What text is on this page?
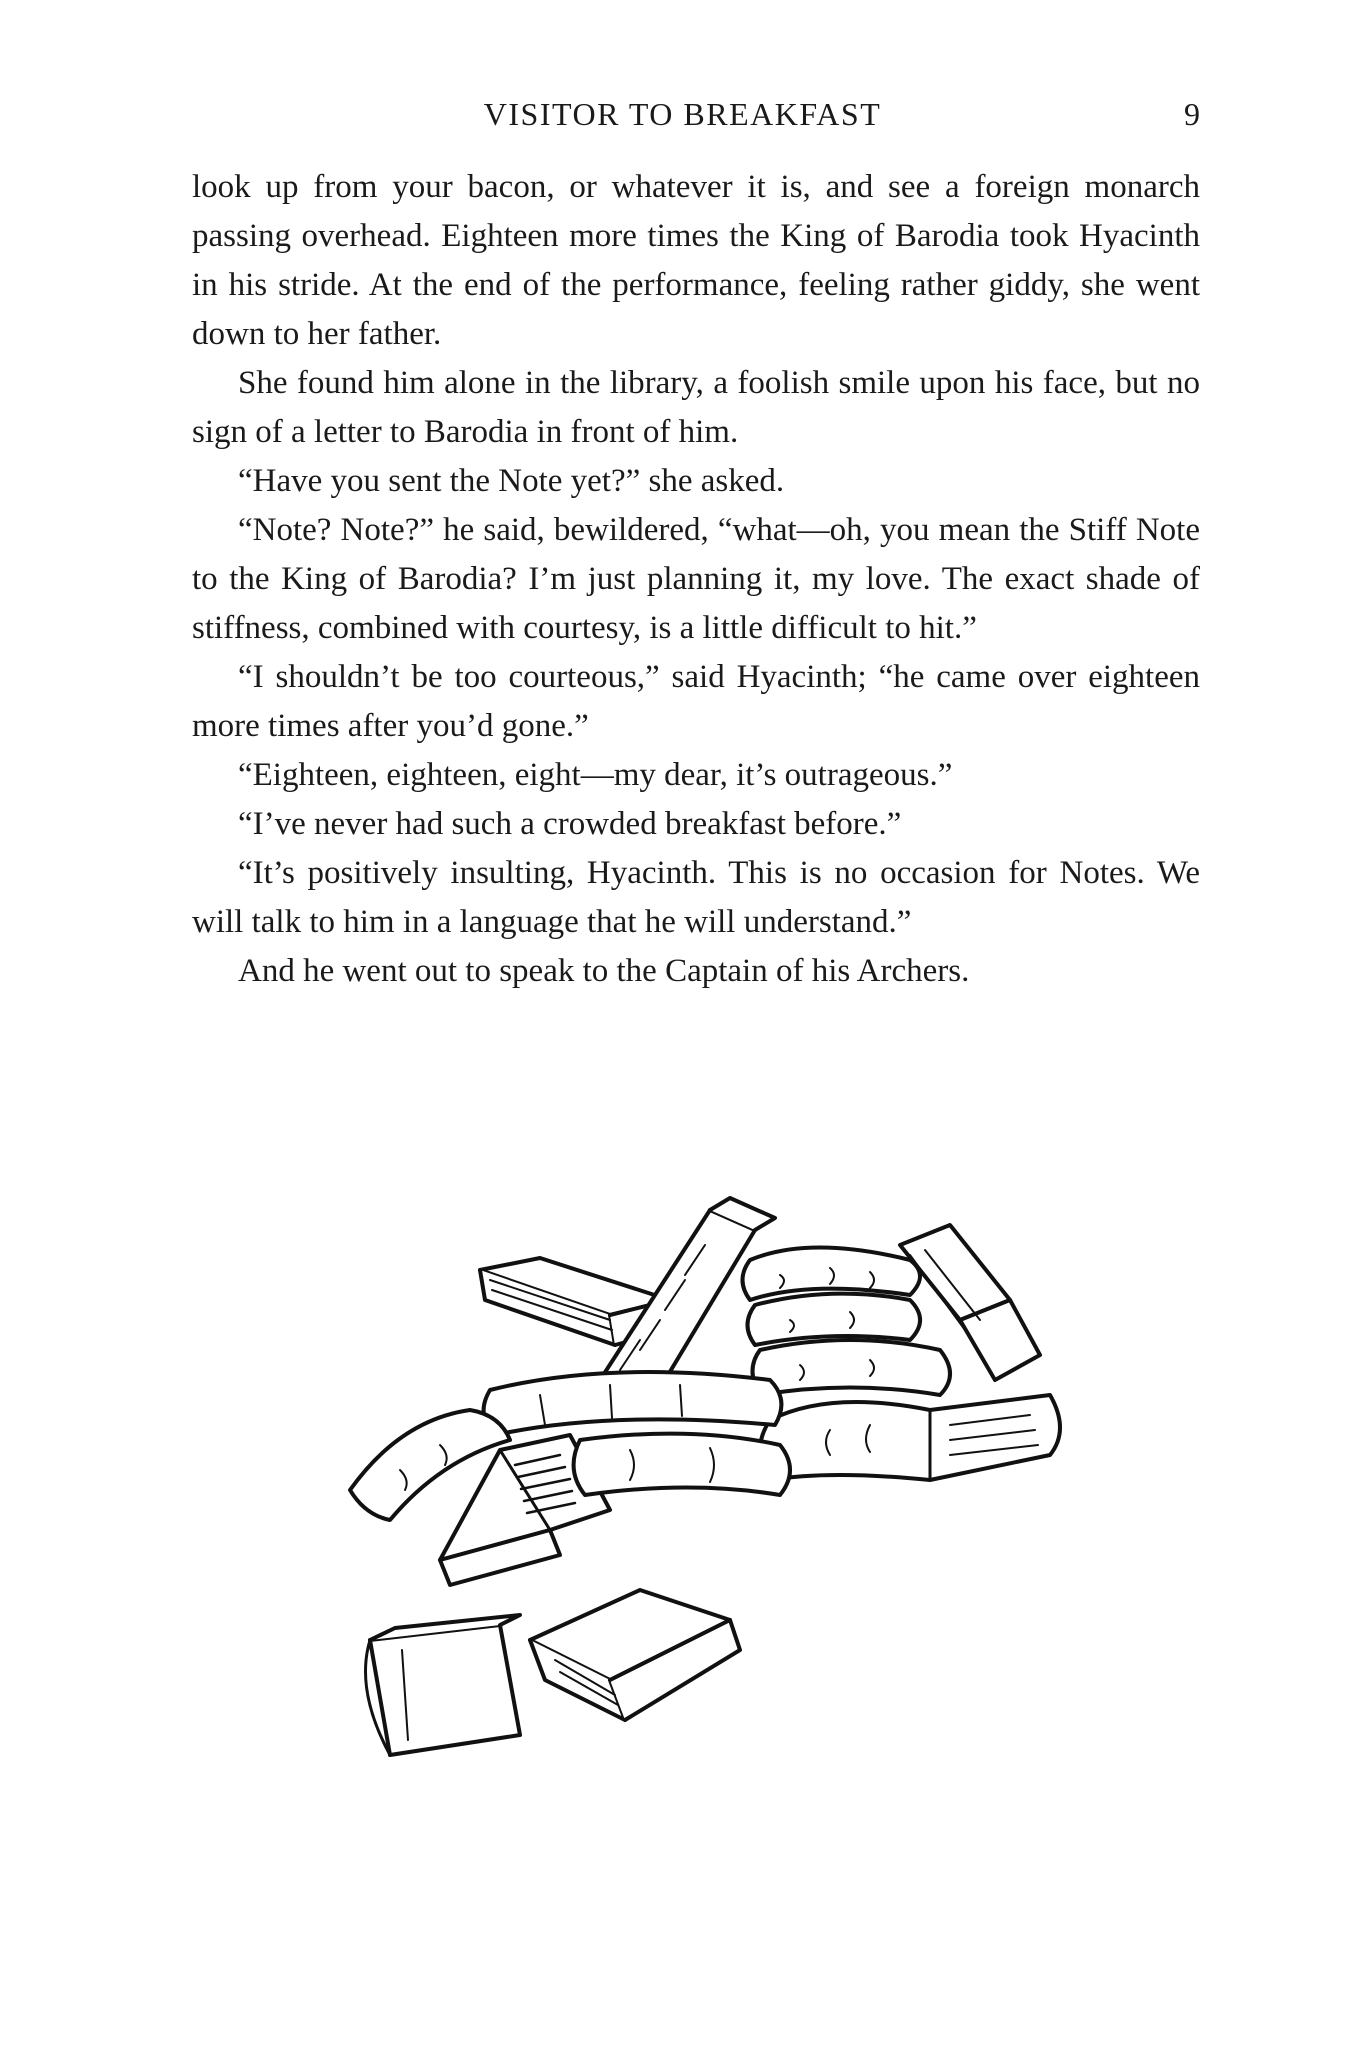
VISITOR TO BREAKFAST	9

look up from your bacon, or whatever it is, and see a foreign monarch passing overhead. Eighteen more times the King of Barodia took Hyacinth in his stride. At the end of the performance, feeling rather giddy, she went down to her father.

She found him alone in the library, a foolish smile upon his face, but no sign of a letter to Barodia in front of him.

“Have you sent the Note yet?” she asked.

“Note? Note?” he said, bewildered, “what—oh, you mean the Stiff Note to the King of Barodia? I’m just planning it, my love. The exact shade of stiffness, combined with courtesy, is a little difficult to hit.”

“I shouldn’t be too courteous,” said Hyacinth; “he came over eighteen more times after you’d gone.”

“Eighteen, eighteen, eight—my dear, it’s outrageous.”

“I’ve never had such a crowded breakfast before.”

“It’s positively insulting, Hyacinth. This is no occasion for Notes. We will talk to him in a language that he will understand.”

And he went out to speak to the Captain of his Archers.
